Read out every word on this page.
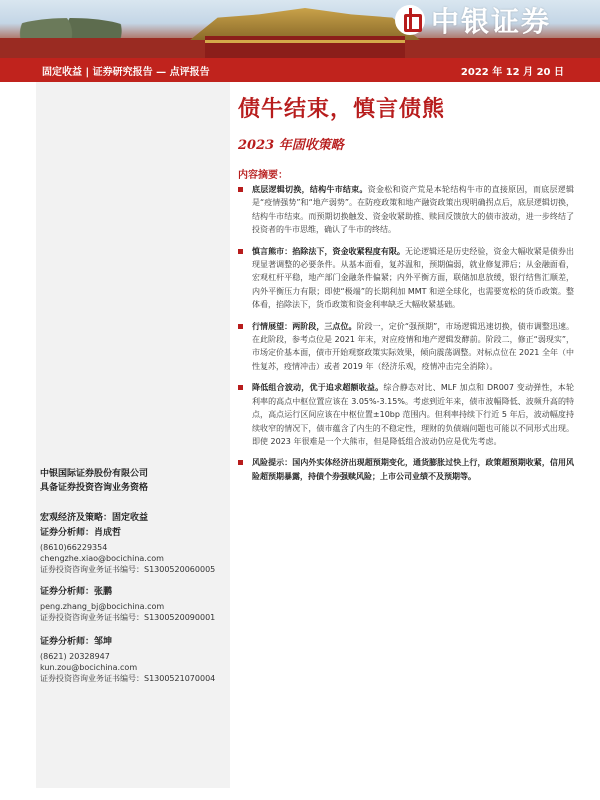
中银证券
固定收益 | 证券研究报告 — 点评报告	2022 年 12 月 20 日
中银国际证券股份有限公司
具备证券投资咨询业务资格
宏观经济及策略：固定收益
证券分析师：肖成哲
(8610)66229354
chengzhe.xiao@bocichina.com
证券投资咨询业务证书编号：S1300520060005
证券分析师：张鹏
peng.zhang_bj@bocichina.com
证券投资咨询业务证书编号：S1300520090001
证券分析师：邹坤
(8621) 20328947
kun.zou@bocichina.com
证券投资咨询业务证书编号：S1300521070004
债牛结束，慎言债熊
2023 年固收策略
内容摘要：

底层逻辑切换，结构牛市结束。资金松和资产荒是本轮结构牛市的直接原因，而底层逻辑是“疫情强势”和“地产弱势”。在防疫政策和地产融资政策出现明确拐点后，底层逻辑切换，结构牛市结束。而预期切换触发、资金收紧助推、赎回反馈放大的债市波动，进一步终结了投资者的牛市思维，确认了牛市的终结。

慎言熊市：掐除法下，资金收紧程度有限。无论逻辑还是历史经验，资金大幅收紧是债券出现显著调整的必要条件。从基本面看，复苏温和，预期偏弱，就业修复滞后；从金融面看，宏观杠杆平稳，地产部门金融条件偏紧；内外平衡方面，联储加息放缓，银行结售汇顺差，内外平衡压力有限；即使“极端”的长期利加 MMT 和逆全球化，也需要宽松的货币政策。整体看，掐除法下，货币政策和资金利率缺乏大幅收紧基础。

行情展望：两阶段，三点位。阶段一，定价“强预期”，市场逻辑迅速切换，债市调整迅速。在此阶段，参考点位是 2021 年末，对应疫情和地产逻辑发酵前。阶段二，修正“弱现实”，市场定价基本面，债市开始观察政策实际效果，倾向震荡调整。对标点位在 2021 全年（中性复苏，疫情冲击）或者 2019 年（经济乐观，疫情冲击完全消除）。

降低组合波动，优于追求超额收益。综合静态对比、MLF 加点和 DR007 变动弹性，本轮利率的高点中枢位置应该在 3.05%-3.15%。考虑到近年来，债市波幅降低、波频升高的特点，高点运行区间应该在中枢位置±10bp 范围内。但利率持续下行近 5 年后，波动幅度持续收窄的情况下，债市蕴含了内生的不稳定性，理财的负债端问题也可能以不同形式出现。即使 2023 年很难是一个大熊市，但是降低组合波动仍应是优先考虑。

风险提示：国内外实体经济出现超预期变化，通货膨胀过快上行，政策超预期收紧，信用风险超预期暴露，持债个券强赎风险；上市公司业绩不及预期等。
